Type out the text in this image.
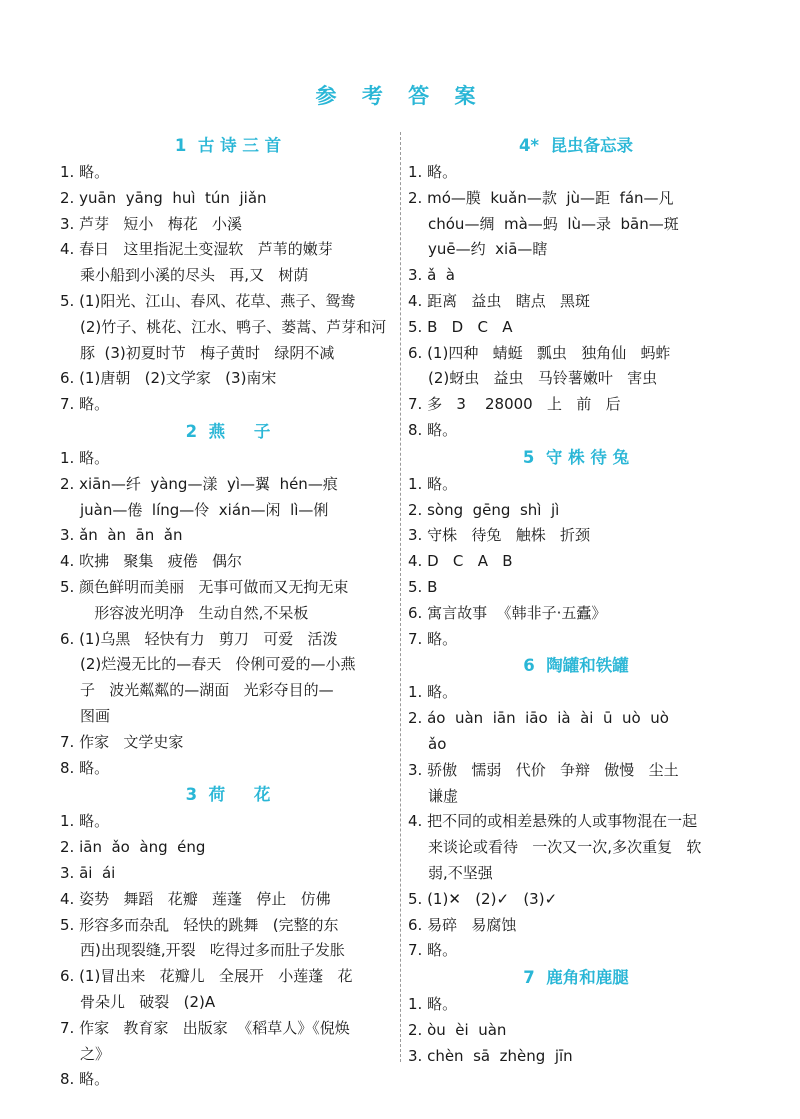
参 考 答 案
1  古 诗 三 首
1. 略。
2. yuān  yāng  huì  tún  jiǎn
3. 芦芽   短小   梅花   小溪
4. 春日   这里指泥土变湿软   芦苇的嫩芽
乘小船到小溪的尽头   再,又   树荫
5. (1)阳光、江山、春风、花草、燕子、鸳鸯
(2)竹子、桃花、江水、鸭子、蒌蒿、芦芽和河
豚  (3)初夏时节   梅子黄时   绿阴不减
6. (1)唐朝   (2)文学家   (3)南宋
7. 略。
2  燕     子
1. 略。
2. xiān—纤  yàng—漾  yì—翼  hén—痕
juàn—倦  líng—伶  xián—闲  lì—俐
3. ǎn  àn  ān  ǎn
4. 吹拂   聚集   疲倦   偶尔
5. 颜色鲜明而美丽   无事可做而又无拘无束
形容波光明净   生动自然,不呆板
6. (1)乌黑   轻快有力   剪刀   可爱   活泼
(2)烂漫无比的—春天   伶俐可爱的—小燕
子   波光粼粼的—湖面   光彩夺目的—
图画
7. 作家   文学史家
8. 略。
3  荷     花
1. 略。
2. iān  ǎo  àng  éng
3. āi  ái
4. 姿势   舞蹈   花瓣   莲蓬   停止   仿佛
5. 形容多而杂乱   轻快的跳舞   (完整的东
西)出现裂缝,开裂   吃得过多而肚子发胀
6. (1)冒出来   花瓣儿   全展开   小莲蓬   花
骨朵儿   破裂   (2)A
7. 作家   教育家   出版家  《稻草人》《倪焕
之》
8. 略。
4*  昆虫备忘录
1. 略。
2. mó—膜  kuǎn—款  jù—距  fán—凡
chóu—绸  mà—蚂  lù—录  bān—斑
yuē—约  xiā—瞎
3. ǎ  à
4. 距离   益虫   瞎点   黑斑
5. B   D   C   A
6. (1)四种   蜻蜓   瓢虫   独角仙   蚂蚱
(2)蚜虫   益虫   马铃薯嫩叶   害虫
7. 多   3    28000   上   前   后
8. 略。
5  守 株 待 兔
1. 略。
2. sòng  gēng  shì  jì
3. 守株   待兔   触株   折颈
4. D   C   A   B
5. B
6. 寓言故事  《韩非子·五蠹》
7. 略。
6  陶罐和铁罐
1. 略。
2. áo  uàn  iān  iāo  ià  ài  ū  uò  uò
ǎo
3. 骄傲   懦弱   代价   争辩   傲慢   尘土
谦虚
4. 把不同的或相差悬殊的人或事物混在一起
来谈论或看待   一次又一次,多次重复   软
弱,不坚强
5. (1)✕   (2)✓   (3)✓
6. 易碎   易腐蚀
7. 略。
7  鹿角和鹿腿
1. 略。
2. òu  èi  uàn
3. chèn  sā  zhèng  jīn
